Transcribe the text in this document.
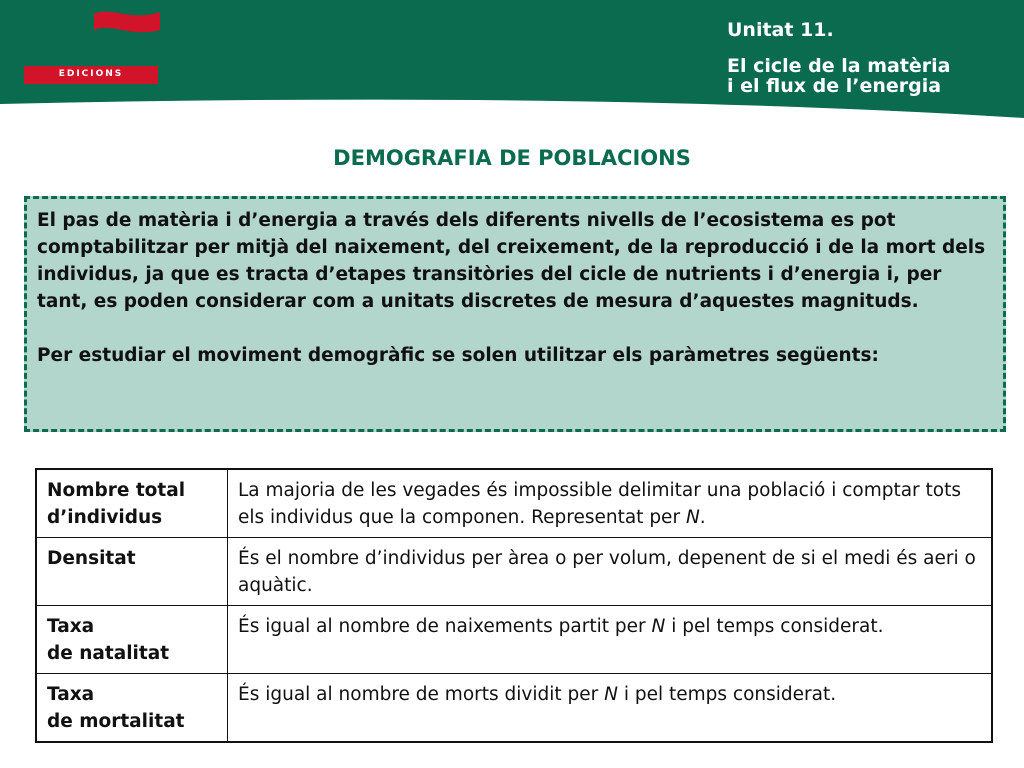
Castellnou
EDICIONS
Unitat 11.
El cicle de la matèria
i el flux de l’energia
DEMOGRAFIA DE POBLACIONS

El pas de matèria i d’energia a través dels diferents nivells de l’ecosistema es pot comptabilitzar per mitjà del naixement, del creixement, de la reproducció i de la mort dels individus, ja que es tracta d’etapes transitòries del cicle de nutrients i d’energia i, per tant, es poden considerar com a unitats discretes de mesura d’aquestes magnituds.

Per estudiar el moviment demogràfic se solen utilitzar els paràmetres següents:

Nombre total
d’individus	La majoria de les vegades és impossible delimitar una població i comptar tots els individus que la componen. Representat per N.

Densitat	És el nombre d’individus per àrea o per volum, depenent de si el medi és aeri o aquàtic.

Taxa
de natalitat	És igual al nombre de naixements partit per N i pel temps considerat.

Taxa
de mortalitat	És igual al nombre de morts dividit per N i pel temps considerat.
